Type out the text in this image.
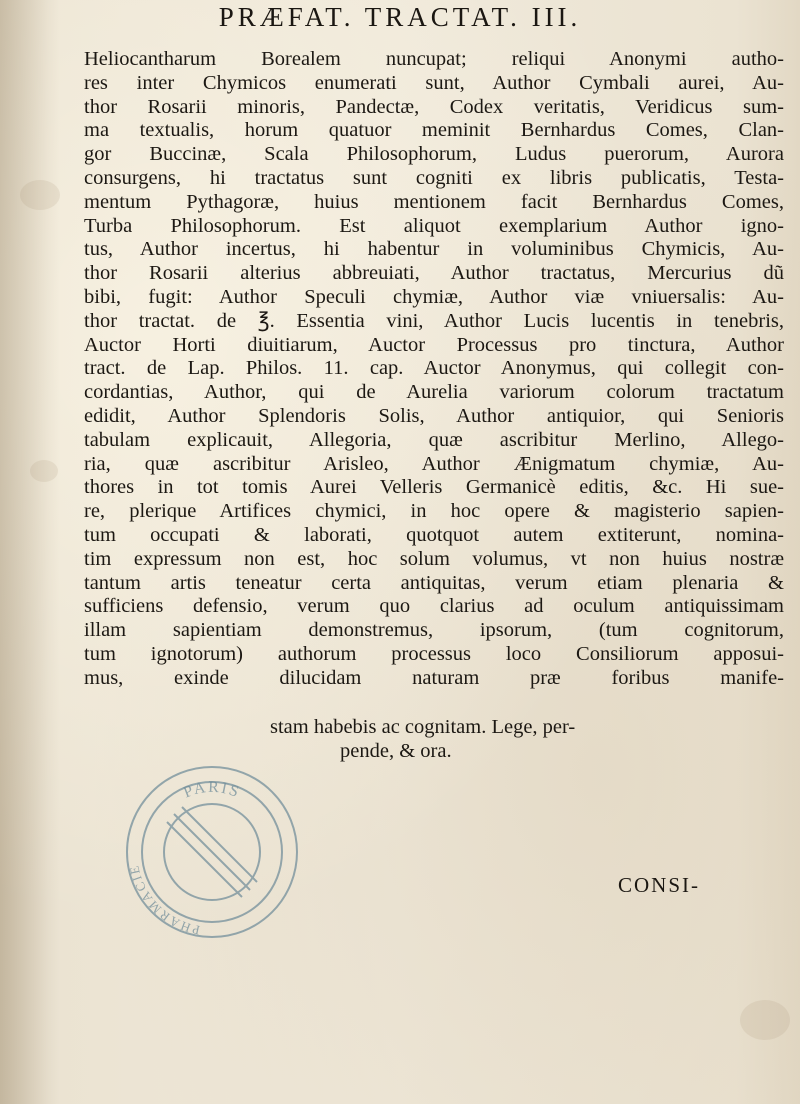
PRÆFAT. TRACTAT. III.
Heliocantharum Borealem nuncupat; reliqui Anonymi autho-
res inter Chymicos enumerati sunt, Author Cymbali aurei, Au-
thor Rosarii minoris, Pandectæ, Codex veritatis, Veridicus sum-
ma textualis, horum quatuor meminit Bernhardus Comes, Clan-
gor Buccinæ, Scala Philosophorum, Ludus puerorum, Aurora
consurgens, hi tractatus sunt cogniti ex libris publicatis, Testa-
mentum Pythagoræ, huius mentionem facit Bernhardus Comes,
Turba Philosophorum. Est aliquot exemplarium Author igno-
tus, Author incertus, hi habentur in voluminibus Chymicis, Au-
thor Rosarii alterius abbreuiati, Author tractatus, Mercurius dũ
bibi, fugit: Author Speculi chymiæ, Author viæ vniuersalis: Au-
thor tractat. de ℥. Essentia vini, Author Lucis lucentis in tenebris,
Auctor Horti diuitiarum, Auctor Processus pro tinctura, Author
tract. de Lap. Philos. 11. cap. Auctor Anonymus, qui collegit con-
cordantias, Author, qui de Aurelia variorum colorum tractatum
edidit, Author Splendoris Solis, Author antiquior, qui Senioris
tabulam explicauit, Allegoria, quæ ascribitur Merlino, Allego-
ria, quæ ascribitur Arisleo, Author Ænigmatum chymiæ, Au-
thores in tot tomis Aurei Velleris Germanicè editis, &c. Hi sue-
re, plerique Artifices chymici, in hoc opere & magisterio sapien-
tum occupati & laborati, quotquot autem extiterunt, nomina-
tim expressum non est, hoc solum volumus, vt non huius nostræ
tantum artis teneatur certa antiquitas, verum etiam plenaria &
sufficiens defensio, verum quo clarius ad oculum antiquissimam
illam sapientiam demonstremus, ipsorum, (tum cognitorum,
tum ignotorum) authorum processus loco Consiliorum apposui-
mus, exinde dilucidam naturam præ foribus manife-
stam habebis ac cognitam. Lege, per-
pende, & ora.
PARIS
PHARMACIE
CONSI-
